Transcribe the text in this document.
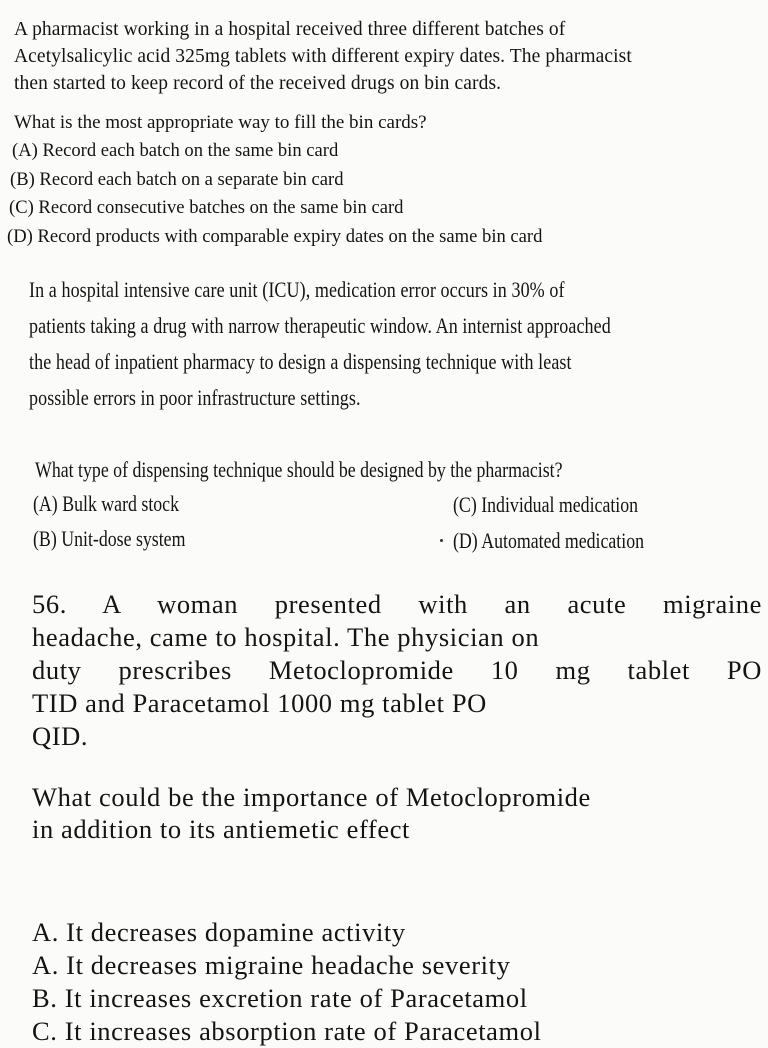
A pharmacist working in a hospital received three different batches of
Acetylsalicylic acid 325mg tablets with different expiry dates. The pharmacist
then started to keep record of the received drugs on bin cards.

What is the most appropriate way to fill the bin cards?

(A) Record each batch on the same bin card
(B) Record each batch on a separate bin card
(C) Record consecutive batches on the same bin card
(D) Record products with comparable expiry dates on the same bin card

In a hospital intensive care unit (ICU), medication error occurs in 30% of
patients taking a drug with narrow therapeutic window. An internist approached
the head of inpatient pharmacy to design a dispensing technique with least
possible errors in poor infrastructure settings.

What type of dispensing technique should be designed by the pharmacist?

(A) Bulk ward stock
(B) Unit-dose system
(C) Individual medication
(D) Automated medication

56. A woman presented with an acute migraine
headache, came to hospital. The physician on
duty prescribes Metoclopromide 10 mg tablet PO
TID and Paracetamol 1000 mg tablet PO
QID.

What could be the importance of Metoclopromide
in addition to its antiemetic effect

A. It decreases dopamine activity
A. It decreases migraine headache severity
B. It increases excretion rate of Paracetamol
C. It increases absorption rate of Paracetamol
